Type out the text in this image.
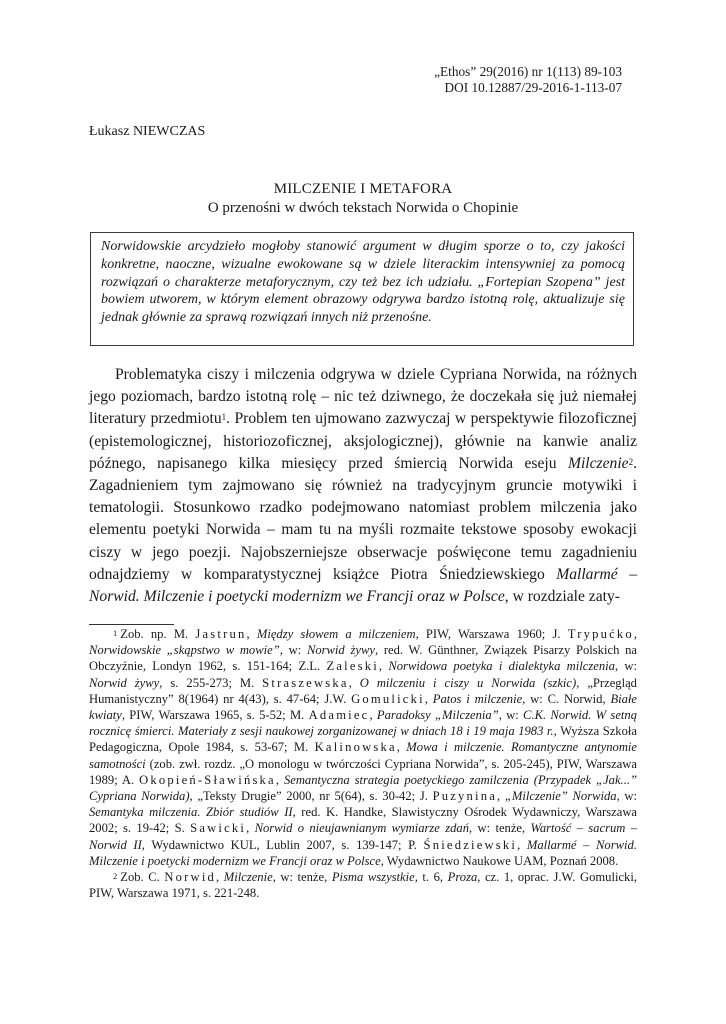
„Ethos” 29(2016) nr 1(113) 89-103
DOI 10.12887/29-2016-1-113-07
Łukasz NIEWCZAS
MILCZENIE I METAFORA
O przenośni w dwóch tekstach Norwida o Chopinie
Norwidowskie arcydzieło mogłoby stanowić argument w długim sporze o to, czy jakości konkretne, naoczne, wizualne ewokowane są w dziele literackim intensywniej za pomocą rozwiązań o charakterze metaforycznym, czy też bez ich udziału. „Fortepian Szopena” jest bowiem utworem, w którym element obrazowy odgrywa bardzo istotną rolę, aktualizuje się jednak głównie za sprawą rozwiązań innych niż przenośne.

Problematyka ciszy i milczenia odgrywa w dziele Cypriana Norwida, na różnych jego poziomach, bardzo istotną rolę – nic też dziwnego, że doczekała się już niemałej literatury przedmiotu$^1$. Problem ten ujmowano zazwyczaj w perspektywie filozoficznej (epistemologicznej, historiozoficznej, aksjologicznej), głównie na kanwie analiz późnego, napisanego kilka miesięcy przed śmiercią Norwida eseju Milczenie$^2$. Zagadnieniem tym zajmowano się również na tradycyjnym gruncie motywiki i tematologii. Stosunkowo rzadko podejmowano natomiast problem milczenia jako elementu poetyki Norwida – mam tu na myśli rozmaite tekstowe sposoby ewokacji ciszy w jego poezji. Najobszerniejsze obserwacje poświęcone temu zagadnieniu odnajdziemy w komparatystycznej książce Piotra Śniedziewskiego Mallarmé – Norwid. Milczenie i poetycki modernizm we Francji oraz w Polsce, w rozdziale zaty-

$^1$ Zob. np. M. Jastrun, Między słowem a milczeniem, PIW, Warszawa 1960; J. Trypućko, Norwidowskie „skąpstwo w mowie”, w: Norwid żywy, red. W. Günthner, Związek Pisarzy Polskich na Obczyźnie, Londyn 1962, s. 151-164; Z.L. Zaleski, Norwidowa poetyka i dialektyka milczenia, w: Norwid żywy, s. 255-273; M. Straszewska, O milczeniu i ciszy u Norwida (szkic), „Przegląd Humanistyczny” 8(1964) nr 4(43), s. 47-64; J.W. Gomulicki, Patos i milczenie, w: C. Norwid, Białe kwiaty, PIW, Warszawa 1965, s. 5-52; M. Adamiec, Paradoksy „Milczenia”, w: C.K. Norwid. W setną rocznicę śmierci. Materiały z sesji naukowej zorganizowanej w dniach 18 i 19 maja 1983 r., Wyższa Szkoła Pedagogiczna, Opole 1984, s. 53-67; M. Kalinowska, Mowa i milczenie. Romantyczne antynomie samotności (zob. zwł. rozdz. „O monologu w twórczości Cypriana Norwida”, s. 205-245), PIW, Warszawa 1989; A. Okopień-Sławińska, Semantyczna strategia poetyckiego zamilczenia (Przypadek „Jak...” Cypriana Norwida), „Teksty Drugie” 2000, nr 5(64), s. 30-42; J. Puzynina, „Milczenie” Norwida, w: Semantyka milczenia. Zbiór studiów II, red. K. Handke, Slawistyczny Ośrodek Wydawniczy, Warszawa 2002; s. 19-42; S. Sawicki, Norwid o nieujawnianym wymiarze zdań, w: tenże, Wartość – sacrum – Norwid II, Wydawnictwo KUL, Lublin 2007, s. 139-147; P. Śniedziewski, Mallarmé – Norwid. Milczenie i poetycki modernizm we Francji oraz w Polsce, Wydawnictwo Naukowe UAM, Poznań 2008.

$^2$ Zob. C. Norwid, Milczenie, w: tenże, Pisma wszystkie, t. 6, Proza, cz. 1, oprac. J.W. Gomulicki, PIW, Warszawa 1971, s. 221-248.
